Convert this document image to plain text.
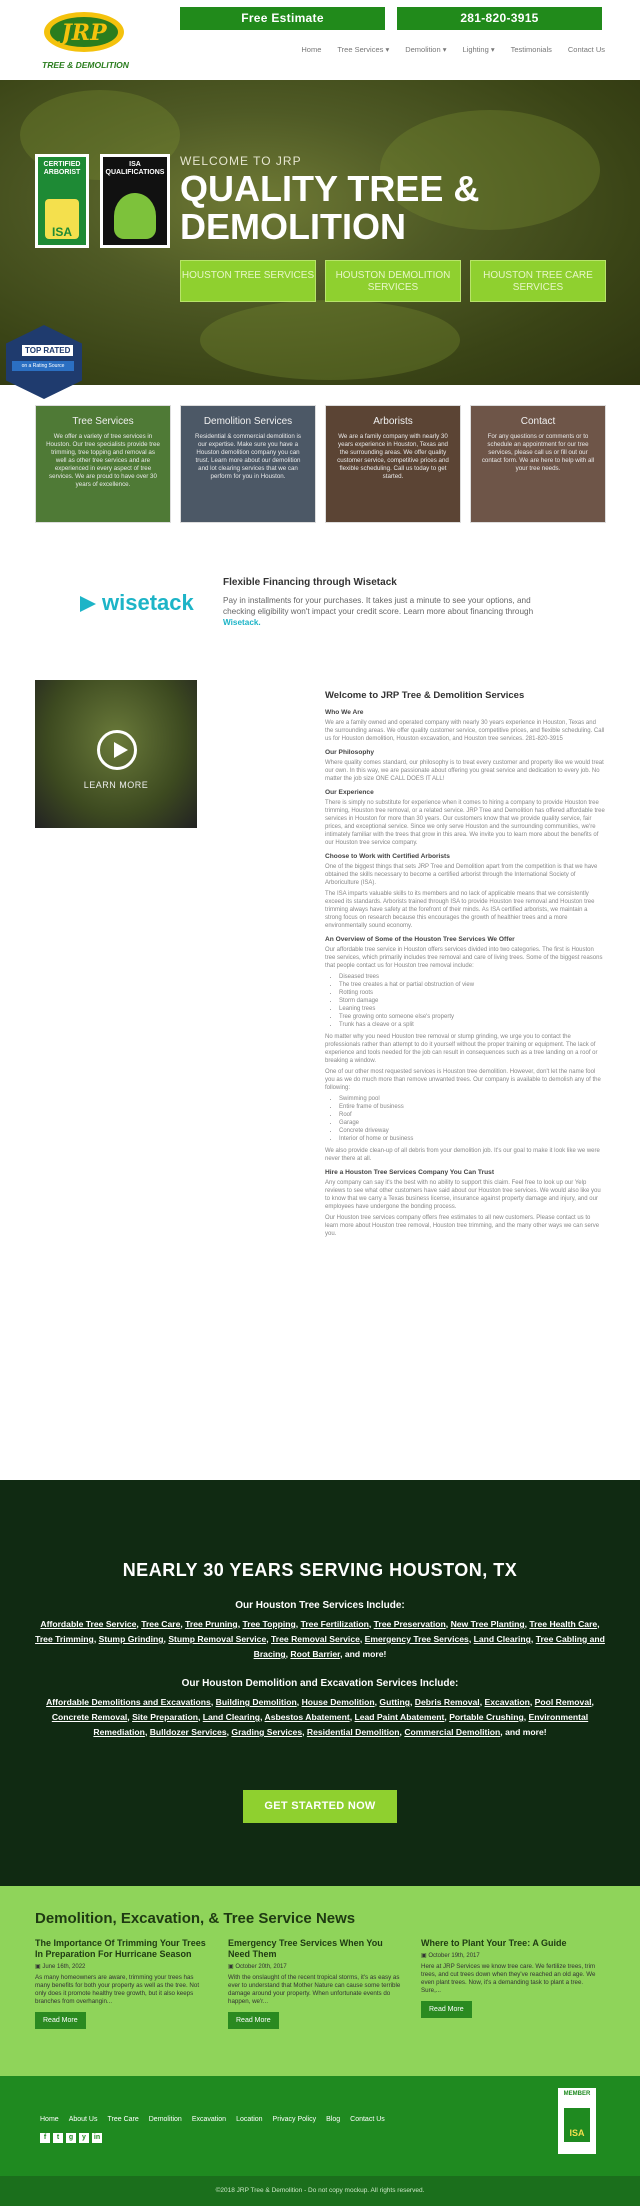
JRP
TREE & DEMOLITION
Free Estimate	281-820-3915
Home Tree Services ▾ Demolition ▾ Lighting ▾ Testimonials Contact Us
CERTIFIED ARBORIST
ISA
ISA QUALIFICATIONS
WELCOME TO JRP
QUALITY TREE & DEMOLITION
HOUSTON TREE SERVICES	HOUSTON DEMOLITION SERVICES
HOUSTON TREE CARE SERVICES
TOP RATED
on a Rating Source
Tree Services
We offer a variety of tree services in Houston. Our tree specialists provide tree trimming, tree topping and removal as well as other tree services and are experienced in every aspect of tree services. We are proud to have over 30 years of excellence.
Demolition Services
Residential & commercial demolition is our expertise. Make sure you have a Houston demolition company you can trust. Learn more about our demolition and lot clearing services that we can perform for you in Houston.
Arborists
We are a family company with nearly 30 years experience in Houston, Texas and the surrounding areas. We offer quality customer service, competitive prices and flexible scheduling. Call us today to get started.
Contact
For any questions or comments or to schedule an appointment for our tree services, please call us or fill out our contact form. We are here to help with all your tree needs.
wisetack
Flexible Financing through Wisetack
Pay in installments for your purchases. It takes just a minute to see your options, and checking eligibility won't impact your credit score. Learn more about financing through Wisetack.
LEARN MORE
Welcome to JRP Tree & Demolition Services
Who We Are

We are a family owned and operated company with nearly 30 years experience in Houston, Texas and the surrounding areas. We offer quality customer service, competitive prices, and flexible scheduling. Call us for Houston demolition, Houston excavation, and Houston tree services. 281-820-3915

Our Philosophy

Where quality comes standard, our philosophy is to treat every customer and property like we would treat our own. In this way, we are passionate about offering you great service and dedication to every job. No matter the job size ONE CALL DOES IT ALL!

Our Experience

There is simply no substitute for experience when it comes to hiring a company to provide Houston tree trimming, Houston tree removal, or a related service. JRP Tree and Demolition has offered affordable tree services in Houston for more than 30 years. Our customers know that we provide quality service, fair prices, and exceptional service. Since we only serve Houston and the surrounding communities, we're intimately familiar with the trees that grow in this area. We invite you to learn more about the benefits of our Houston tree service company.

Choose to Work with Certified Arborists

One of the biggest things that sets JRP Tree and Demolition apart from the competition is that we have obtained the skills necessary to become a certified arborist through the International Society of Arboriculture (ISA).

The ISA imparts valuable skills to its members and no lack of applicable means that we consistently exceed its standards. Arborists trained through ISA to provide Houston tree removal and Houston tree trimming always have safety at the forefront of their minds. As ISA certified arborists, we maintain a strong focus on research because this encourages the growth of healthier trees and a more environmentally sound economy.

An Overview of Some of the Houston Tree Services We Offer

Our affordable tree service in Houston offers services divided into two categories. The first is Houston tree services, which primarily includes tree removal and care of living trees. Some of the biggest reasons that people contact us for Houston tree removal include:

• Diseased trees
• The tree creates a hat or partial obstruction of view
• Rotting roots
• Storm damage
• Leaning trees
• Tree growing onto someone else's property
• Trunk has a cleave or a split

No matter why you need Houston tree removal or stump grinding, we urge you to contact the professionals rather than attempt to do it yourself without the proper training or equipment. The lack of experience and tools needed for the job can result in consequences such as a tree landing on a roof or breaking a window.

One of our other most requested services is Houston tree demolition. However, don't let the name fool you as we do much more than remove unwanted trees. Our company is available to demolish any of the following:

• Swimming pool
• Entire frame of business
• Roof
• Garage
• Concrete driveway
• Interior of home or business

We also provide clean-up of all debris from your demolition job. It's our goal to make it look like we were never there at all.

Hire a Houston Tree Services Company You Can Trust

Any company can say it's the best with no ability to support this claim. Feel free to look up our Yelp reviews to see what other customers have said about our Houston tree services. We would also like you to know that we carry a Texas business license, insurance against property damage and injury, and our employees have undergone the bonding process.

Our Houston tree services company offers free estimates to all new customers. Please contact us to learn more about Houston tree removal, Houston tree trimming, and the many other ways we can serve you.

NEARLY 30 YEARS SERVING HOUSTON, TX
Our Houston Tree Services Include:
Affordable Tree Service, Tree Care, Tree Pruning, Tree Topping, Tree Fertilization, Tree Preservation, New Tree Planting, Tree Health Care, Tree Trimming, Stump Grinding, Stump Removal Service, Tree Removal Service, Emergency Tree Services, Land Clearing, Tree Cabling and Bracing, Root Barrier, and more!
Our Houston Demolition and Excavation Services Include:
Affordable Demolitions and Excavations, Building Demolition, House Demolition, Gutting, Debris Removal, Excavation, Pool Removal, Concrete Removal, Site Preparation, Land Clearing, Asbestos Abatement, Lead Paint Abatement, Portable Crushing, Environmental Remediation, Bulldozer Services, Grading Services, Residential Demolition, Commercial Demolition, and more!
GET STARTED NOW
Demolition, Excavation, & Tree Service News
The Importance Of Trimming Your Trees In Preparation For Hurricane Season
▣ June 16th, 2022
As many homeowners are aware, trimming your trees has many benefits for both your property as well as the tree. Not only does it promote healthy tree growth, but it also keeps branches from overhangin...
Read More
Emergency Tree Services When You Need Them
▣ October 20th, 2017
With the onslaught of the recent tropical storms, it's as easy as ever to understand that Mother Nature can cause some terrible damage around your property. When unfortunate events do happen, we'r...
Read More
Where to Plant Your Tree: A Guide
▣ October 19th, 2017
Here at JRP Services we know tree care. We fertilize trees, trim trees, and cut trees down when they've reached an old age. We even plant trees. Now, it's a demanding task to plant a tree. Sure,...
Read More
Home About Us Tree Care Demolition Excavation Location Privacy Policy Blog Contact Us
f	t	g	y	in
MEMBER
ISA
©2018 JRP Tree & Demolition - Do not copy mockup. All rights reserved.
